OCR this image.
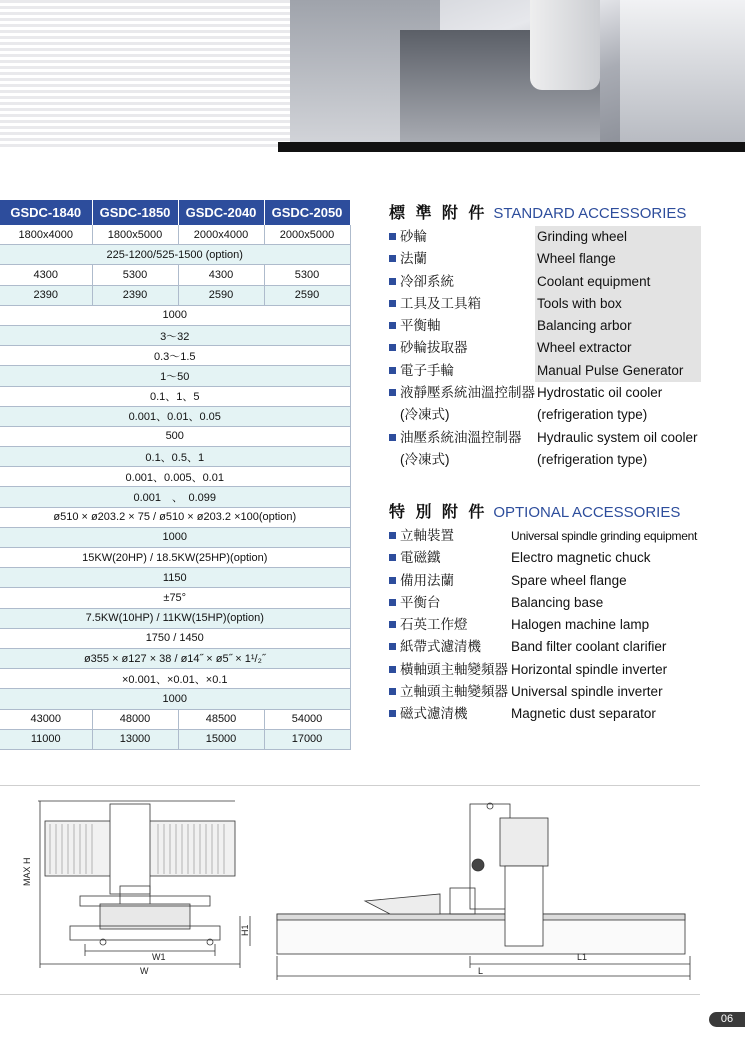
GSDC-1840	GSDC-1850	GSDC-2040	GSDC-2050
1800x4000	1800x5000	2000x4000	2000x5000
225-1200/525-1500 (option)			
4300	5300	4300	5300
2390	2390	2590	2590
1000			
3～32			
0.3～1.5			
1～50			
0.1、1、5			
0.001、0.01、0.05			
500			
0.1、0.5、1			
0.001、0.005、0.01			
0.001　、　0.099			
ø510 × ø203.2 × 75 / ø510 × ø203.2 ×100(option)			
1000			
15KW(20HP) / 18.5KW(25HP)(option)			
1150			
±75°			
7.5KW(10HP) / 11KW(15HP)(option)			
1750 / 1450			
ø355 × ø127 × 38 / ø14˝ × ø5˝ × 1¹/₂˝			
×0.001、×0.01、×0.1			
1000			
43000	48000	48500	54000
11000	13000	15000	17000
標 準 附 件 STANDARD ACCESSORIES
砂輪	Grinding wheel
法蘭	Wheel flange
冷卻系統	Coolant equipment
工具及工具箱	Tools with box
平衡軸	Balancing arbor
砂輪拔取器	Wheel extractor
電子手輪	Manual Pulse Generator
液靜壓系統油溫控制器 Hydrostatic oil cooler
(冷凍式)	(refrigeration type)
油壓系統油溫控制器 Hydraulic system oil cooler
(冷凍式)	(refrigeration type)
特 別 附 件 OPTIONAL ACCESSORIES
立軸裝置	Universal spindle grinding equipment
電磁鐵	Electro magnetic chuck
備用法蘭	Spare wheel flange
平衡台	Balancing base
石英工作燈	Halogen machine lamp
紙帶式濾清機 Band filter coolant clarifier
橫軸頭主軸變頻器 Horizontal spindle inverter
立軸頭主軸變頻器 Universal spindle inverter
磁式濾清機	Magnetic dust separator
MAX H
H1
W1
W
L1
L
06
